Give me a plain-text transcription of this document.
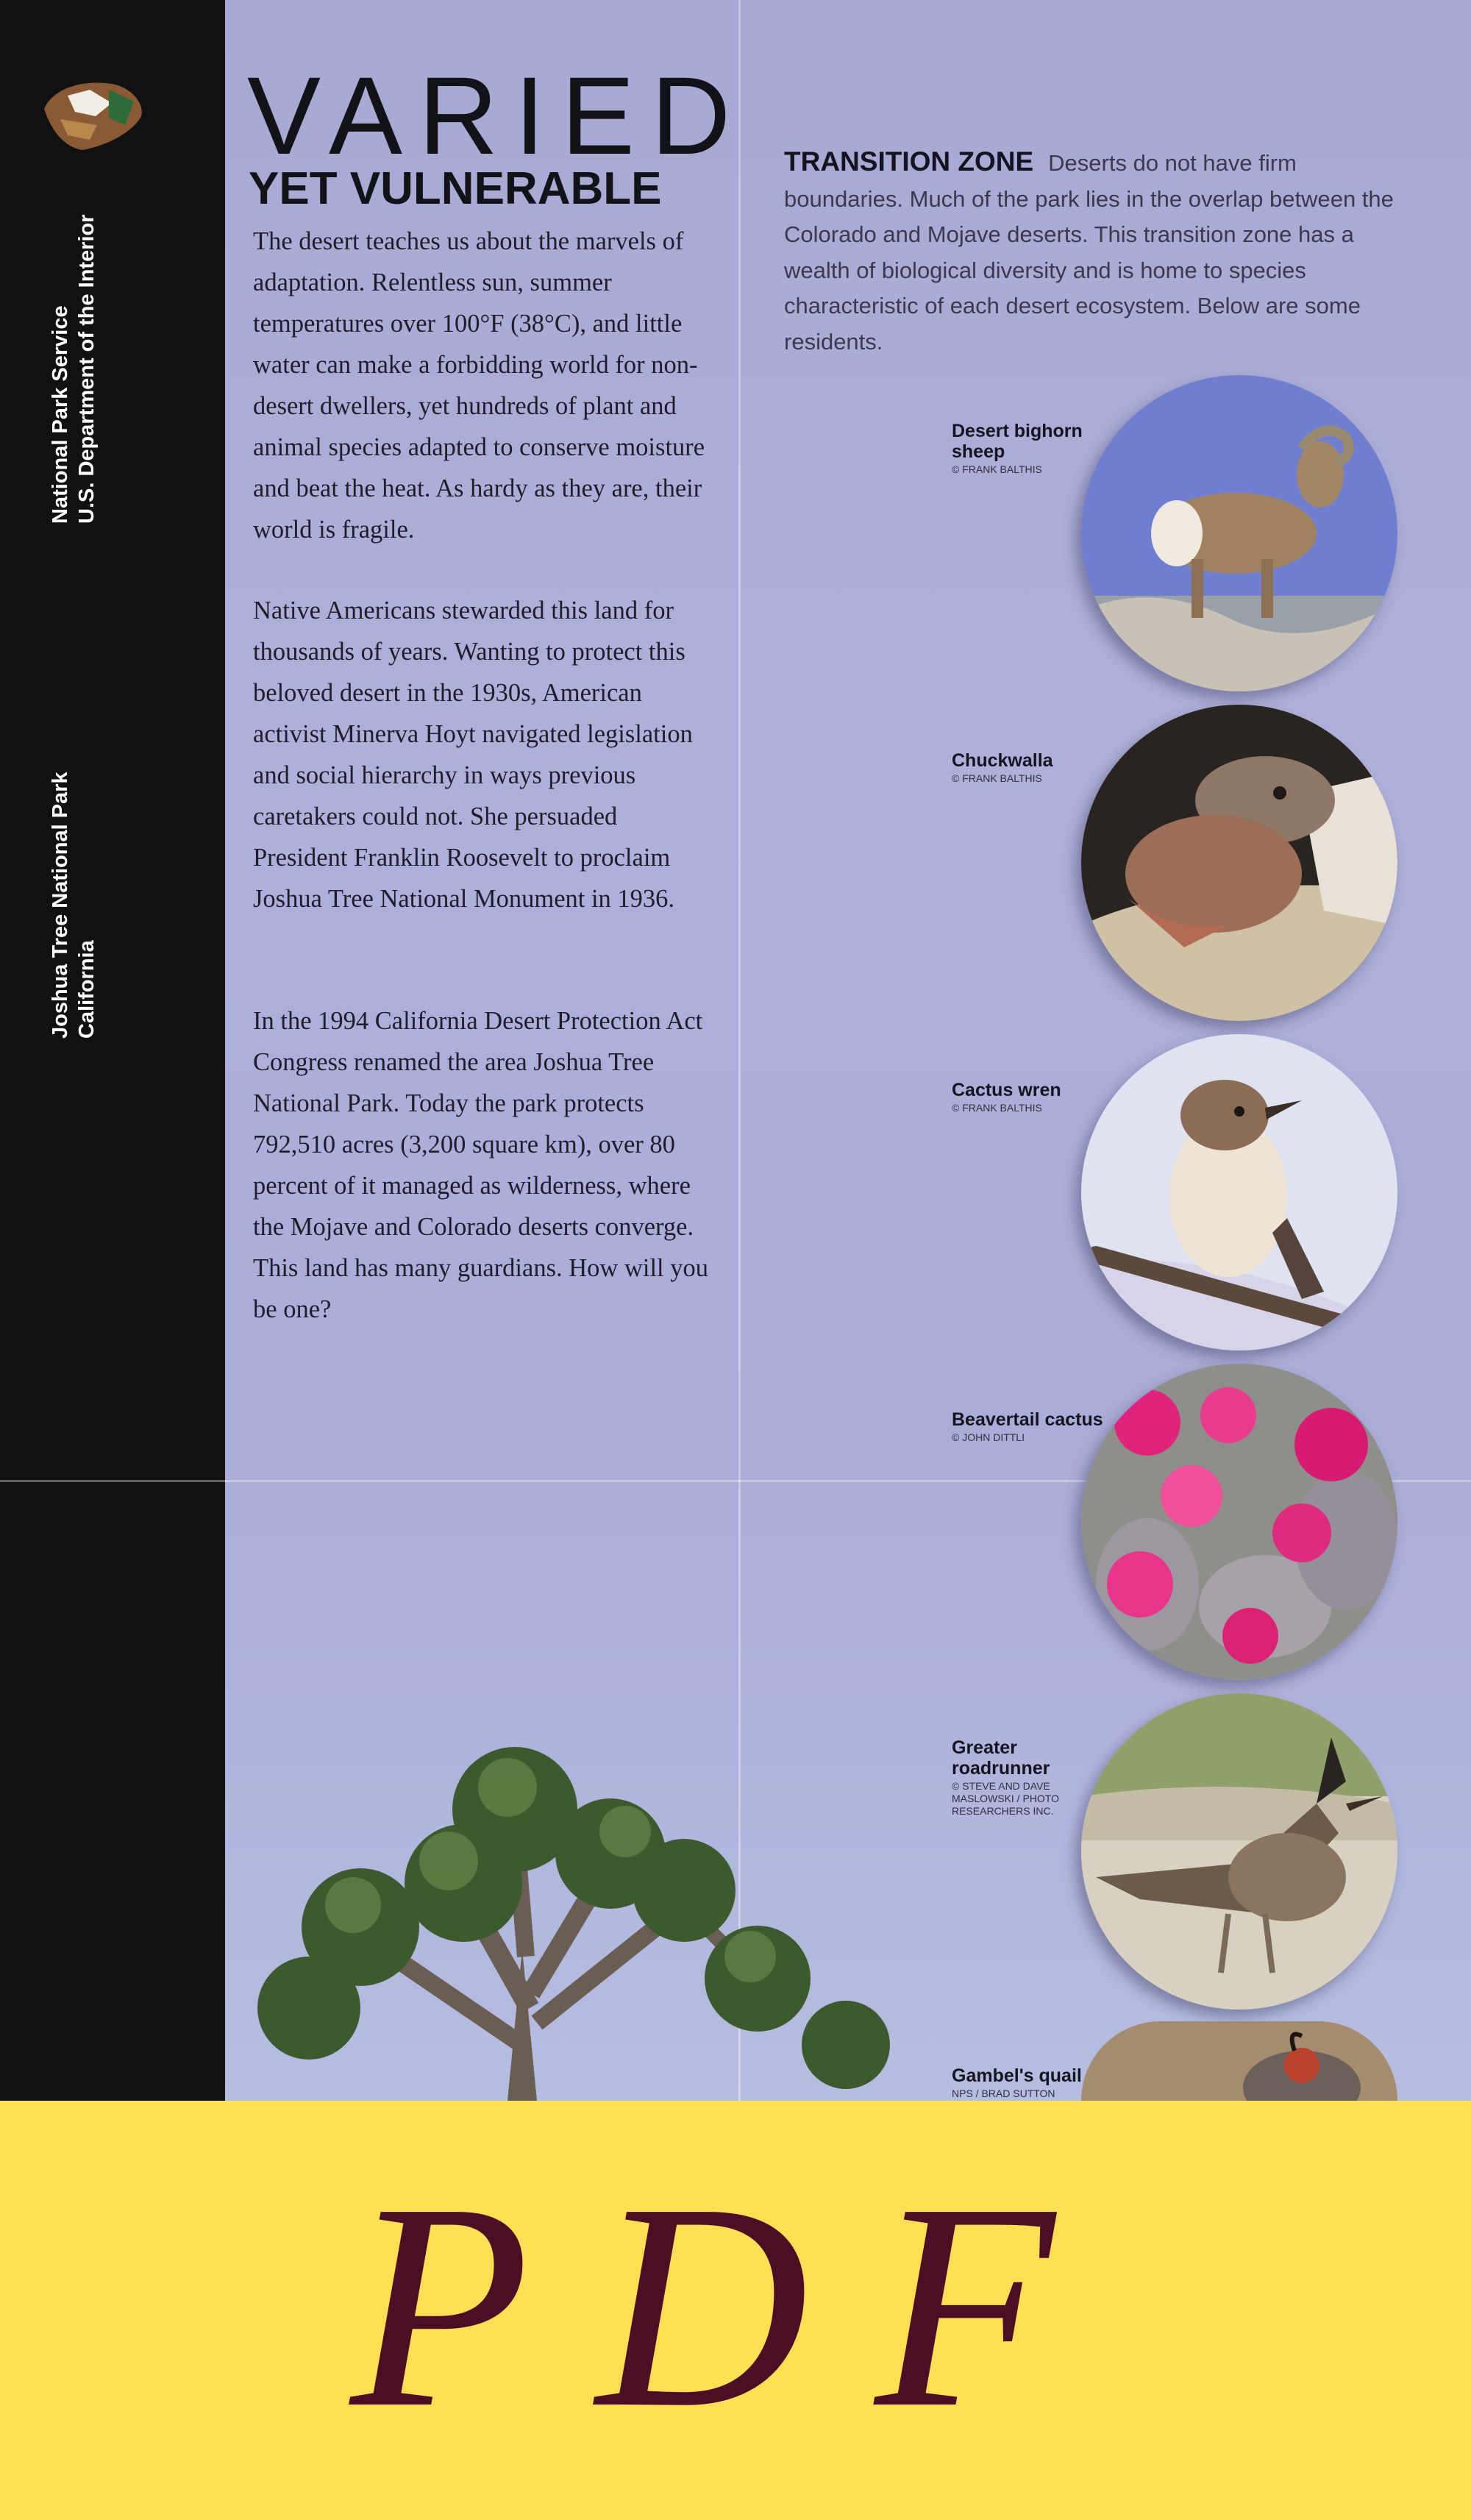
National Park Service U.S. Department of the Interior
Joshua Tree National Park California
VARIED
YET VULNERABLE

The desert teaches us about the marvels of adaptation. Relentless sun, summer temperatures over 100°F (38°C), and little water can make a forbidding world for non-desert dwellers, yet hundreds of plant and animal species adapted to conserve moisture and beat the heat. As hardy as they are, their world is fragile.

Native Americans stewarded this land for thousands of years. Wanting to protect this beloved desert in the 1930s, American activist Minerva Hoyt navigated legislation and social hierarchy in ways previous caretakers could not. She persuaded President Franklin Roosevelt to proclaim Joshua Tree National Monument in 1936.

In the 1994 California Desert Protection Act Congress renamed the area Joshua Tree National Park. Today the park protects 792,510 acres (3,200 square km), over 80 percent of it managed as wilderness, where the Mojave and Colorado deserts converge. This land has many guardians. How will you be one?

TRANSITION ZONE Deserts do not have firm boundaries. Much of the park lies in the overlap between the Colorado and Mojave deserts. This transition zone has a wealth of biological diversity and is home to species characteristic of each desert ecosystem. Below are some residents.

Desert bighorn sheep
© FRANK BALTHIS
Chuckwalla
© FRANK BALTHIS
Cactus wren
© FRANK BALTHIS
Beavertail cactus
© JOHN DITTLI
Greater roadrunner
© STEVE AND DAVE MASLOWSKI / PHOTO RESEARCHERS INC.
Gambel's quail
NPS / BRAD SUTTON
PDF
